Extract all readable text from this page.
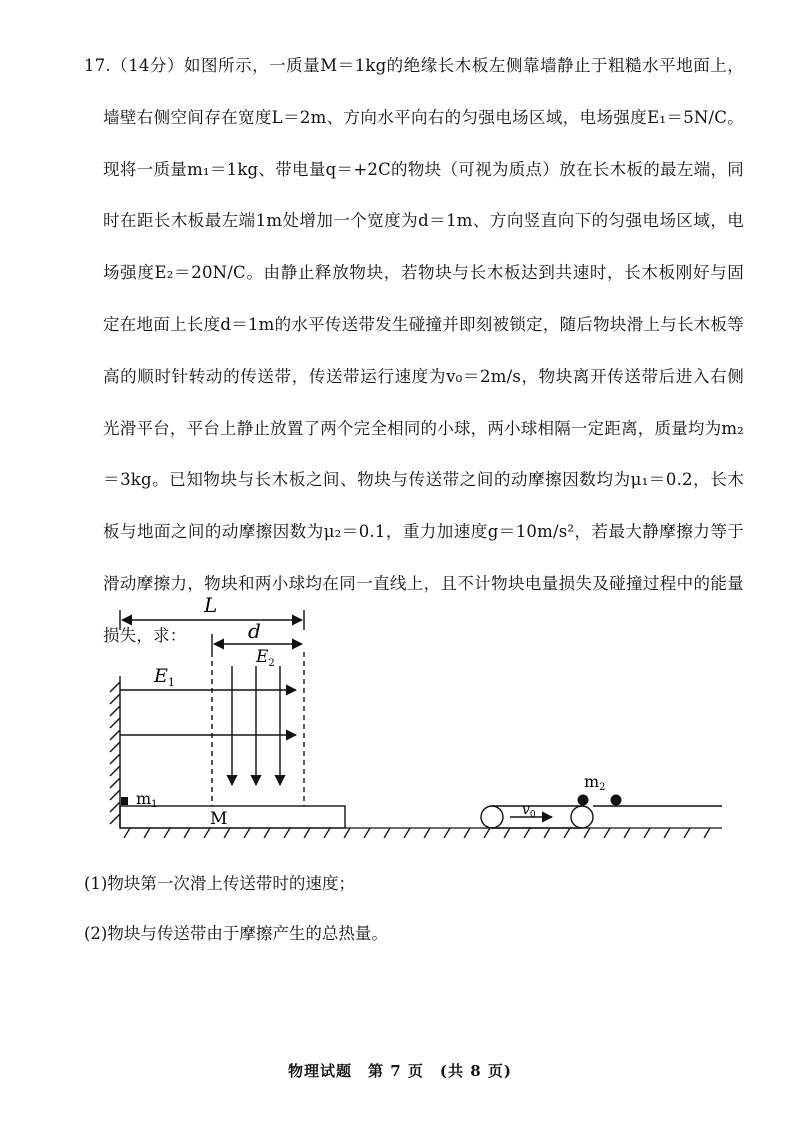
17.（14分）如图所示，一质量M＝1kg的绝缘长木板左侧靠墙静止于粗糙水平地面上，墙壁右侧空间存在宽度L＝2m、方向水平向右的匀强电场区域，电场强度E₁＝5N/C。现将一质量m₁＝1kg、带电量q＝+2C的物块（可视为质点）放在长木板的最左端，同时在距长木板最左端1m处增加一个宽度为d＝1m、方向竖直向下的匀强电场区域，电场强度E₂＝20N/C。由静止释放物块，若物块与长木板达到共速时，长木板刚好与固定在地面上长度d＝1m的水平传送带发生碰撞并即刻被锁定，随后物块滑上与长木板等高的顺时针转动的传送带，传送带运行速度为v₀＝2m/s，物块离开传送带后进入右侧光滑平台，平台上静止放置了两个完全相同的小球，两小球相隔一定距离，质量均为m₂＝3kg。已知物块与长木板之间、物块与传送带之间的动摩擦因数均为μ₁＝0.2，长木板与地面之间的动摩擦因数为μ₂＝0.1，重力加速度g＝10m/s²，若最大静摩擦力等于滑动摩擦力，物块和两小球均在同一直线上，且不计物块电量损失及碰撞过程中的能量损失，求：

L
d
$E_1$
$E_2$
m1
M	$v_0$
m2

(1)物块第一次滑上传送带时的速度；

(2)物块与传送带由于摩擦产生的总热量。

物理试题　第 7 页　(共 8 页)
